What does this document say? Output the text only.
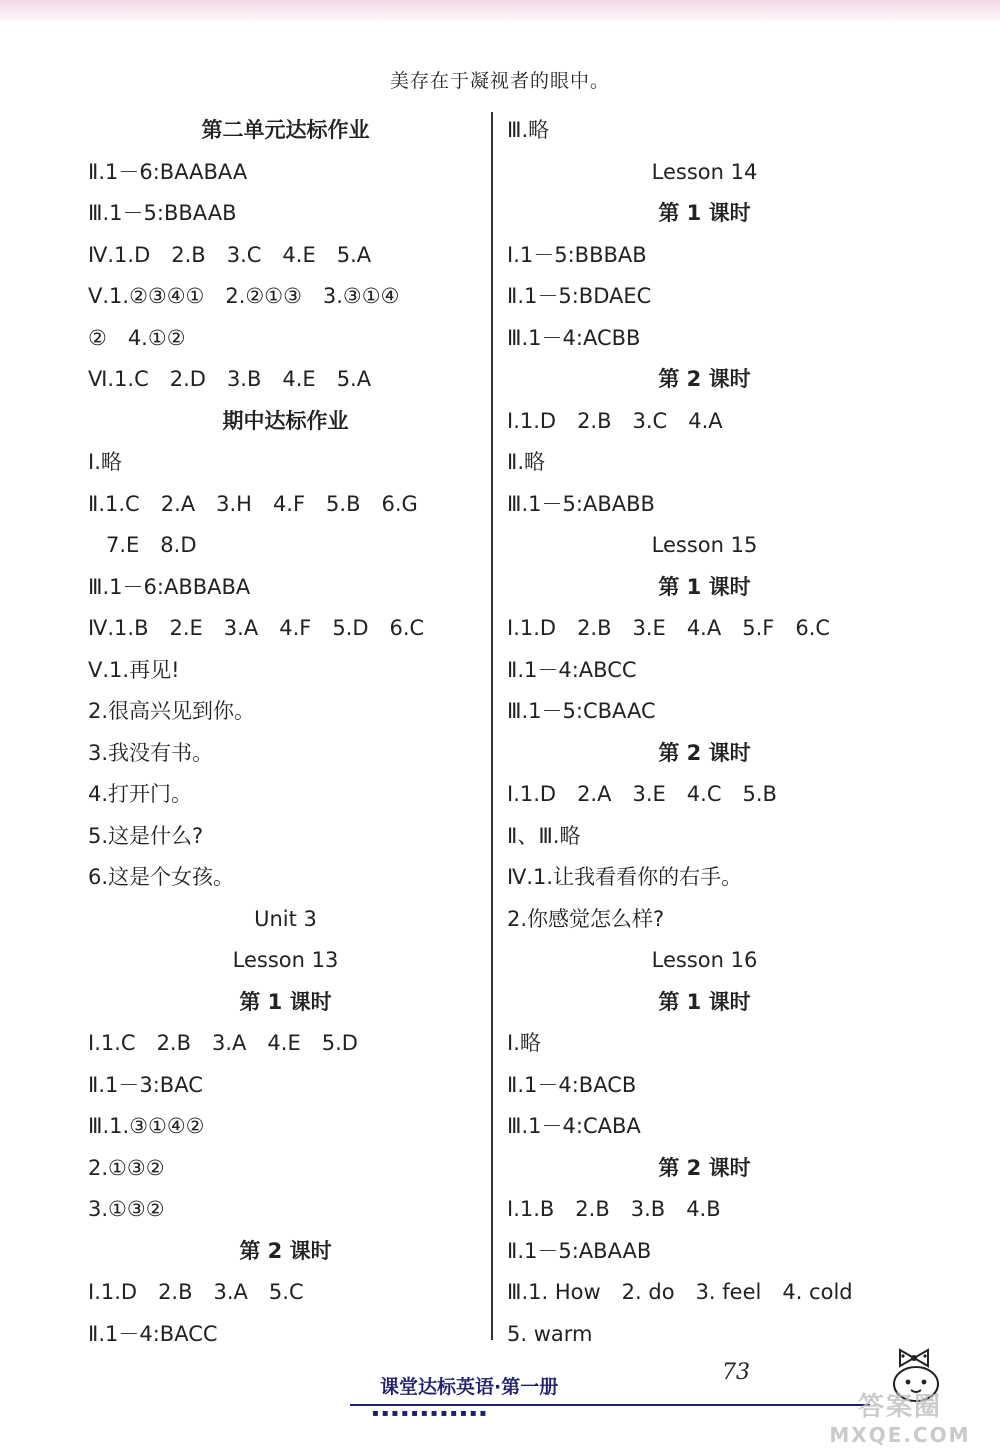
美存在于凝视者的眼中。
第二单元达标作业
Ⅱ.1－6:BAABAA
Ⅲ.1－5:BBAAB
Ⅳ.1.D　2.B　3.C　4.E　5.A
Ⅴ.1.②③④①　2.②①③　3.③①④
②　4.①②
Ⅵ.1.C　2.D　3.B　4.E　5.A
期中达标作业
Ⅰ.略
Ⅱ.1.C　2.A　3.H　4.F　5.B　6.G
7.E　8.D
Ⅲ.1－6:ABBABA
Ⅳ.1.B　2.E　3.A　4.F　5.D　6.C
Ⅴ.1.再见!
2.很高兴见到你。
3.我没有书。
4.打开门。
5.这是什么?
6.这是个女孩。
Unit 3
Lesson 13
第 1 课时
Ⅰ.1.C　2.B　3.A　4.E　5.D
Ⅱ.1－3:BAC
Ⅲ.1.③①④②
2.①③②
3.①③②
第 2 课时
Ⅰ.1.D　2.B　3.A　5.C
Ⅱ.1－4:BACC
Ⅲ.略
Lesson 14
第 1 课时
Ⅰ.1－5:BBBAB
Ⅱ.1－5:BDAEC
Ⅲ.1－4:ACBB
第 2 课时
Ⅰ.1.D　2.B　3.C　4.A
Ⅱ.略
Ⅲ.1－5:ABABB
Lesson 15
第 1 课时
Ⅰ.1.D　2.B　3.E　4.A　5.F　6.C
Ⅱ.1－4:ABCC
Ⅲ.1－5:CBAAC
第 2 课时
Ⅰ.1.D　2.A　3.E　4.C　5.B
Ⅱ、Ⅲ.略
Ⅳ.1.让我看看你的右手。
2.你感觉怎么样?
Lesson 16
第 1 课时
Ⅰ.略
Ⅱ.1－4:BACB
Ⅲ.1－4:CABA
第 2 课时
Ⅰ.1.B　2.B　3.B　4.B
Ⅱ.1－5:ABAAB
Ⅲ.1. How　2. do　3. feel　4. cold
5. warm
73
课堂达标英语·第一册
▪▪▪▪▪▪▪▪▪▪▪▪	答案圈
MXQE.COM
